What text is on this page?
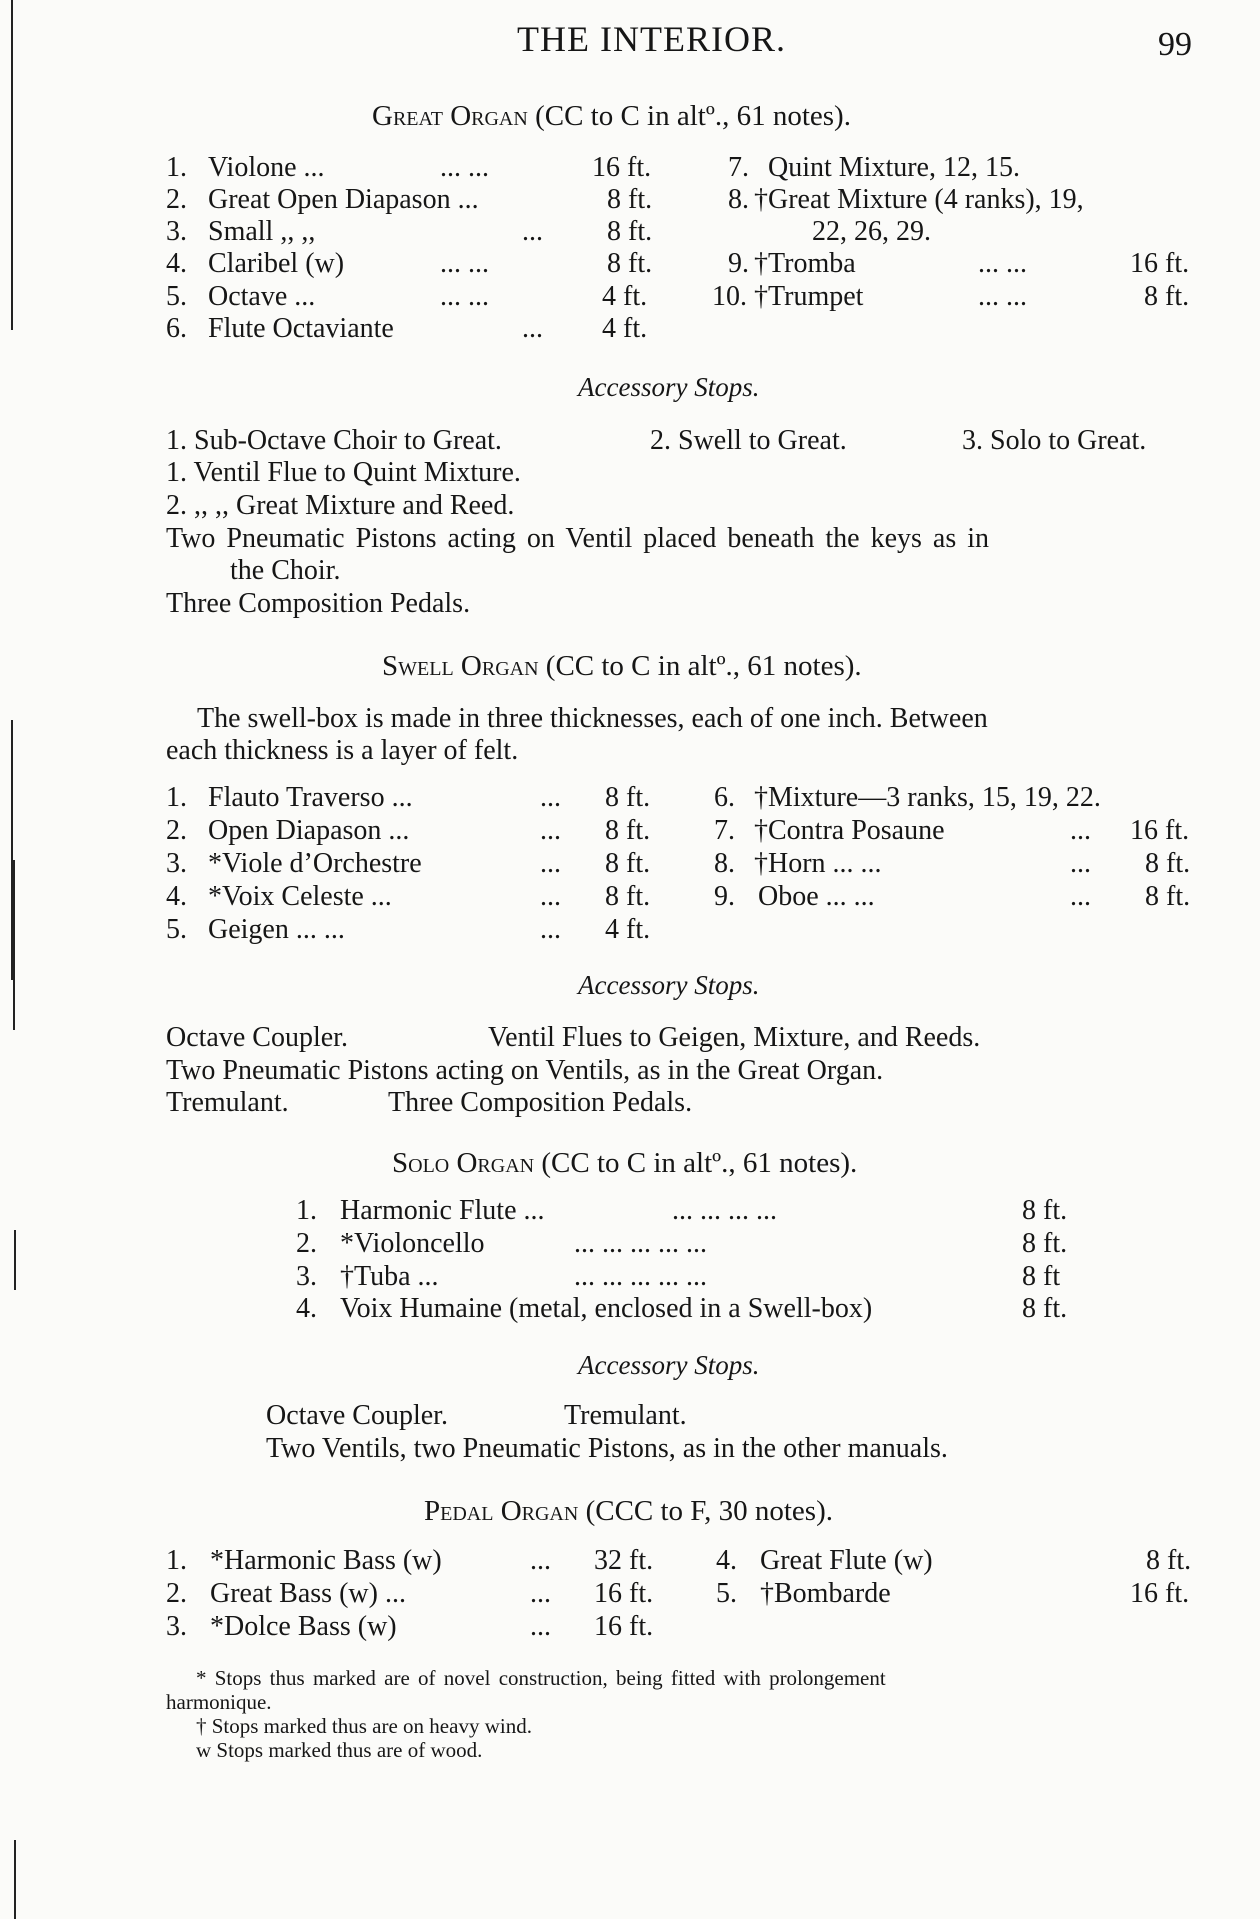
THE INTERIOR.	99
Great Organ (CC to C in altº., 61 notes).
1. Violone ...	... ...	16 ft.
2. Great Open Diapason ...	8 ft.
3. Small ,, ,,	... 8 ft.
4. Claribel (w)	... ...	8 ft.
5. Octave ...	... ...	4 ft.
6. Flute Octaviante	... 4 ft.
7. Quint Mixture, 12, 15.
8. †Great Mixture (4 ranks), 19,
22, 26, 29.
9. †Tromba	... ...	16 ft.
10. †Trumpet	... ...	8 ft.
Accessory Stops.
1. Sub-Octave Choir to Great.	2. Swell to Great.	3. Solo to Great.
1. Ventil Flue to Quint Mixture.
2. ,, ,, Great Mixture and Reed.
Two Pneumatic Pistons acting on Ventil placed beneath the keys as in
the Choir.
Three Composition Pedals.
Swell Organ (CC to C in altº., 61 notes).
The swell-box is made in three thicknesses, each of one inch. Between
each thickness is a layer of felt.
1. Flauto Traverso ...	... 8 ft.
2. Open Diapason ...	... 8 ft.
3. *Viole d’Orchestre	... 8 ft.
4. *Voix Celeste ...	... 8 ft.
5. Geigen ... ...	... 4 ft.
6. †Mixture—3 ranks, 15, 19, 22.
7. †Contra Posaune	... 16 ft.
8. †Horn ... ...	... 8 ft.
9. Oboe ... ...	... 8 ft.
Accessory Stops.
Octave Coupler.	Ventil Flues to Geigen, Mixture, and Reeds.
Two Pneumatic Pistons acting on Ventils, as in the Great Organ.
Tremulant.	Three Composition Pedals.
Solo Organ (CC to C in altº., 61 notes).
1. Harmonic Flute ...	... ... ... ...	8 ft.
2. *Violoncello	... ... ... ... ...	8 ft.
3. †Tuba ...	... ... ... ... ...	8 ft
4. Voix Humaine (metal, enclosed in a Swell-box)	8 ft.
Accessory Stops.
Octave Coupler.	Tremulant.
Two Ventils, two Pneumatic Pistons, as in the other manuals.
Pedal Organ (CCC to F, 30 notes).
1. *Harmonic Bass (w)	... 32 ft.
2. Great Bass (w) ...	... 16 ft.
3. *Dolce Bass (w)	... 16 ft.
4. Great Flute (w)	8 ft.
5. †Bombarde	16 ft.
* Stops thus marked are of novel construction, being fitted with prolongement
harmonique.
† Stops marked thus are on heavy wind.
w Stops marked thus are of wood.
